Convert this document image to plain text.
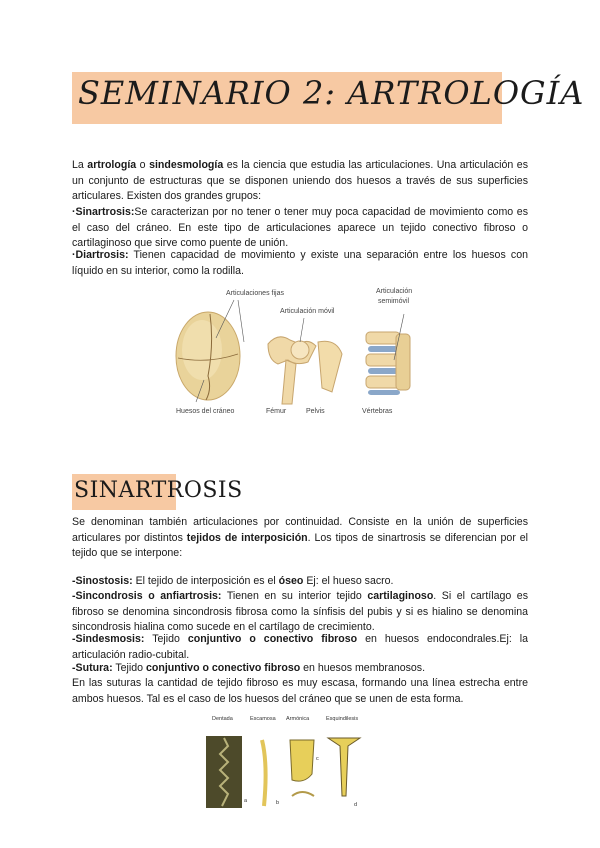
SEMINARIO 2: ARTROLOGÍA
La artrología o sindesmología es la ciencia que estudia las articulaciones. Una articulación es un conjunto de estructuras que se disponen uniendo dos huesos a través de sus superficies articulares. Existen dos grandes grupos:
·Sinartrosis:Se caracterizan por no tener o tener muy poca capacidad de movimiento como es el caso del cráneo. En este tipo de articulaciones aparece un tejido conectivo fibroso o cartilaginoso que sirve como puente de unión.
·Diartrosis: Tienen capacidad de movimiento y existe una separación entre los huesos con líquido en su interior, como la rodilla.
Articulaciones fijas
Articulación móvil
Articulación
semimóvil
Huesos del cráneo	Fémur	Pelvis	Vértebras
SINARTROSIS
Se denominan también articulaciones por continuidad. Consiste en la unión de superficies articulares por distintos tejidos de interposición. Los tipos de sinartrosis se diferencian por el tejido que se interpone:
-Sinostosis: El tejido de interposición es el óseo Ej: el hueso sacro.
-Sincondrosis o anfiartrosis: Tienen en su interior tejido cartilaginoso. Si el cartílago es fibroso se denomina sincondrosis fibrosa como la sínfisis del pubis y si es hialino se denomina sincondrosis hialina como sucede en el cartílago de crecimiento.
-Sindesmosis: Tejido conjuntivo o conectivo fibroso en huesos endocondrales.Ej: la articulación radio-cubital.
-Sutura: Tejido conjuntivo o conectivo fibroso en huesos membranosos.
En las suturas la cantidad de tejido fibroso es muy escasa, formando una línea estrecha entre ambos huesos. Tal es el caso de los huesos del cráneo que se unen de esta forma.
Dentada	Escamosa Armónica	Esquindilesis
a	b
c
d
